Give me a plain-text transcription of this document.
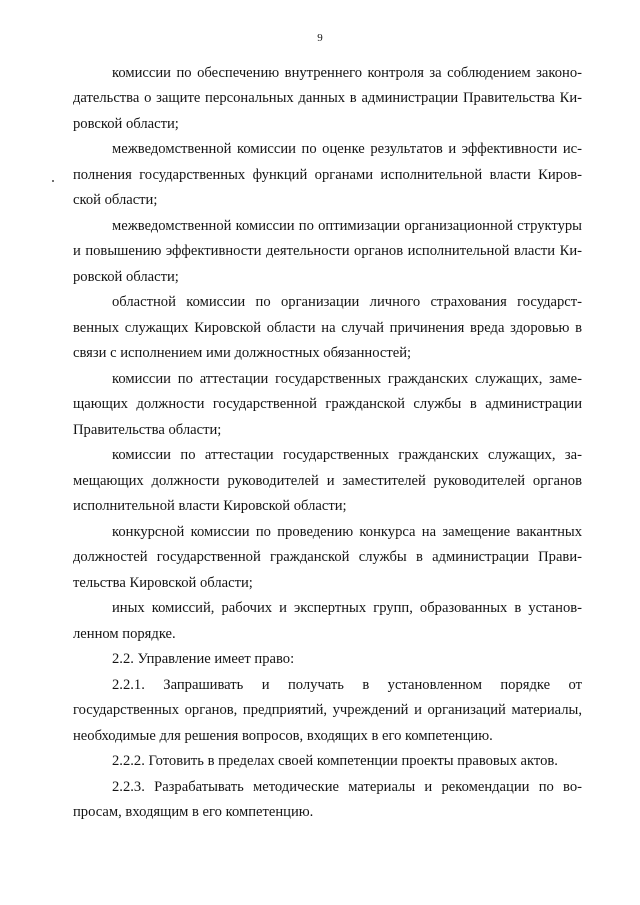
9
комиссии по обеспечению внутреннего контроля за соблюдением законо-
дательства о защите персональных данных в администрации Правительства Ки-
ровской области;
межведомственной комиссии по оценке результатов и эффективности ис-
полнения государственных функций органами исполнительной власти Киров-
ской области;
межведомственной комиссии по оптимизации организационной структуры
и повышению эффективности деятельности органов исполнительной власти Ки-
ровской области;
областной комиссии по организации личного страхования государст-
венных служащих Кировской области на случай причинения вреда здоровью в
связи с исполнением ими должностных обязанностей;
комиссии по аттестации государственных гражданских служащих, заме-
щающих должности государственной гражданской службы в администрации
Правительства области;
комиссии по аттестации государственных гражданских служащих, за-
мещающих должности руководителей и заместителей руководителей органов
исполнительной власти Кировской области;
конкурсной комиссии по проведению конкурса на замещение вакантных
должностей государственной гражданской службы в администрации Прави-
тельства Кировской области;
иных комиссий, рабочих и экспертных групп, образованных в установ-
ленном порядке.
2.2. Управление имеет право:
2.2.1. Запрашивать и получать в установленном порядке от
государственных органов, предприятий, учреждений и организаций материалы,
необходимые для решения вопросов, входящих в его компетенцию.
2.2.2. Готовить в пределах своей компетенции проекты правовых актов.
2.2.3. Разрабатывать методические материалы и рекомендации по во-
просам, входящим в его компетенцию.
